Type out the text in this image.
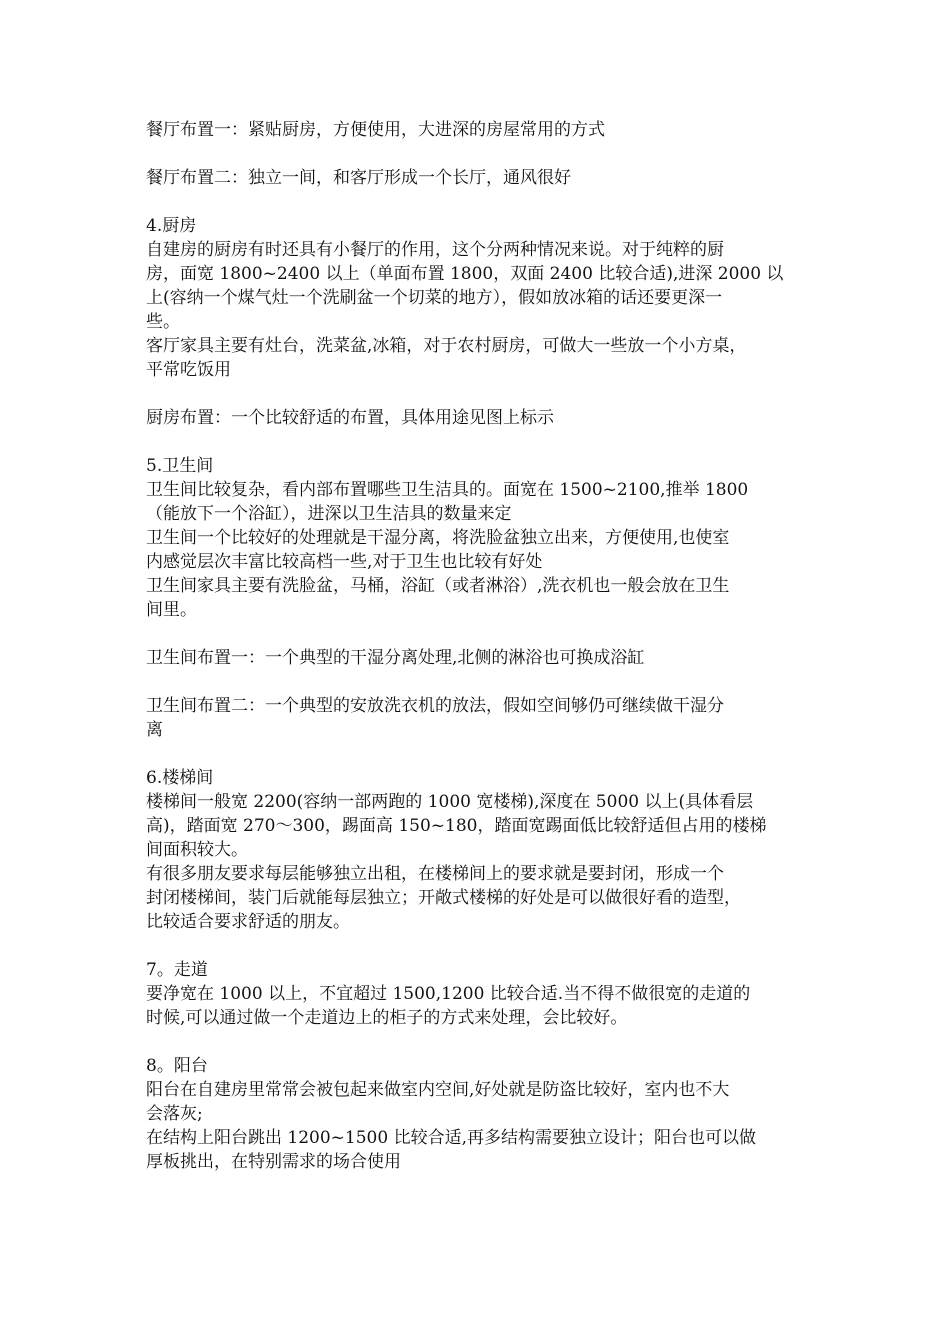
餐厅布置一：紧贴厨房，方便使用，大进深的房屋常用的方式
餐厅布置二：独立一间，和客厅形成一个长厅，通风很好
4.厨房
自建房的厨房有时还具有小餐厅的作用，这个分两种情况来说。对于纯粹的厨
房，面宽 1800~2400 以上（单面布置 1800，双面 2400 比较合适),进深 2000 以
上(容纳一个煤气灶一个洗刷盆一个切菜的地方），假如放冰箱的话还要更深一
些。
客厅家具主要有灶台，洗菜盆,冰箱，对于农村厨房，可做大一些放一个小方桌，
平常吃饭用
厨房布置：一个比较舒适的布置，具体用途见图上标示
5.卫生间
卫生间比较复杂，看内部布置哪些卫生洁具的。面宽在 1500~2100,推举 1800
（能放下一个浴缸），进深以卫生洁具的数量来定
卫生间一个比较好的处理就是干湿分离，将洗脸盆独立出来，方便使用,也使室
内感觉层次丰富比较高档一些,对于卫生也比较有好处
卫生间家具主要有洗脸盆，马桶，浴缸（或者淋浴）,洗衣机也一般会放在卫生
间里。
卫生间布置一：一个典型的干湿分离处理,北侧的淋浴也可换成浴缸
卫生间布置二：一个典型的安放洗衣机的放法，假如空间够仍可继续做干湿分
离
6.楼梯间
楼梯间一般宽 2200(容纳一部两跑的 1000 宽楼梯),深度在 5000 以上(具体看层
高)，踏面宽 270～300，踢面高 150~180，踏面宽踢面低比较舒适但占用的楼梯
间面积较大。
有很多朋友要求每层能够独立出租，在楼梯间上的要求就是要封闭，形成一个
封闭楼梯间，装门后就能每层独立；开敞式楼梯的好处是可以做很好看的造型，
比较适合要求舒适的朋友。
7。走道
要净宽在 1000 以上，不宜超过 1500,1200 比较合适.当不得不做很宽的走道的
时候,可以通过做一个走道边上的柜子的方式来处理，会比较好。
8。阳台
阳台在自建房里常常会被包起来做室内空间,好处就是防盗比较好，室内也不大
会落灰;
在结构上阳台跳出 1200~1500 比较合适,再多结构需要独立设计；阳台也可以做
厚板挑出，在特别需求的场合使用
